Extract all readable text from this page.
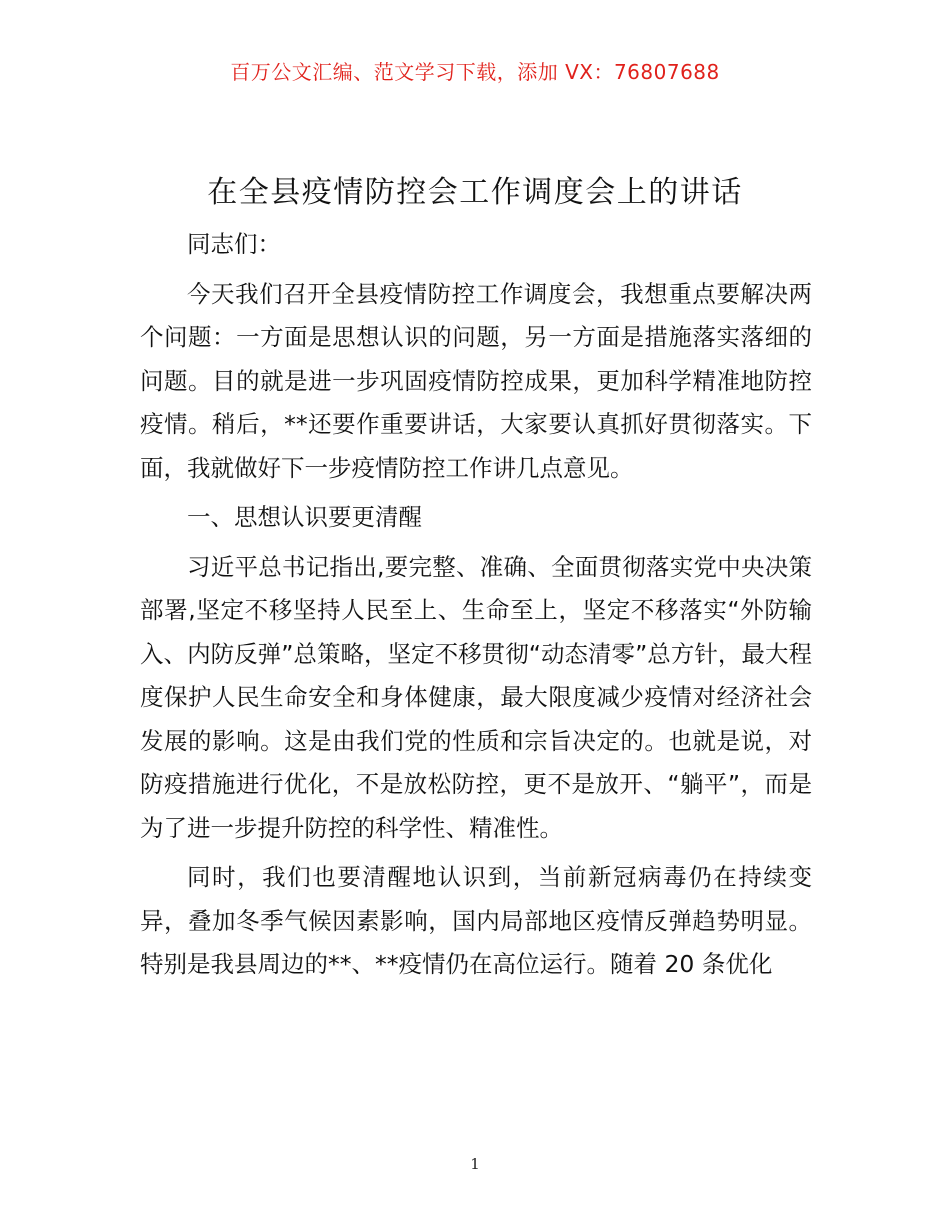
百万公文汇编、范文学习下载，添加 VX：76807688
在全县疫情防控会工作调度会上的讲话

同志们：

今天我们召开全县疫情防控工作调度会，我想重点要解决两个问题：一方面是思想认识的问题，另一方面是措施落实落细的问题。目的就是进一步巩固疫情防控成果，更加科学精准地防控疫情。稍后，**还要作重要讲话，大家要认真抓好贯彻落实。下面，我就做好下一步疫情防控工作讲几点意见。

一、思想认识要更清醒

习近平总书记指出,要完整、准确、全面贯彻落实党中央决策部署,坚定不移坚持人民至上、生命至上，坚定不移落实“外防输入、内防反弹”总策略，坚定不移贯彻“动态清零”总方针，最大程度保护人民生命安全和身体健康，最大限度减少疫情对经济社会发展的影响。这是由我们党的性质和宗旨决定的。也就是说，对防疫措施进行优化，不是放松防控，更不是放开、“躺平”，而是为了进一步提升防控的科学性、精准性。

同时，我们也要清醒地认识到，当前新冠病毒仍在持续变异，叠加冬季气候因素影响，国内局部地区疫情反弹趋势明显。特别是我县周边的**、**疫情仍在高位运行。随着 20 条优化

1
